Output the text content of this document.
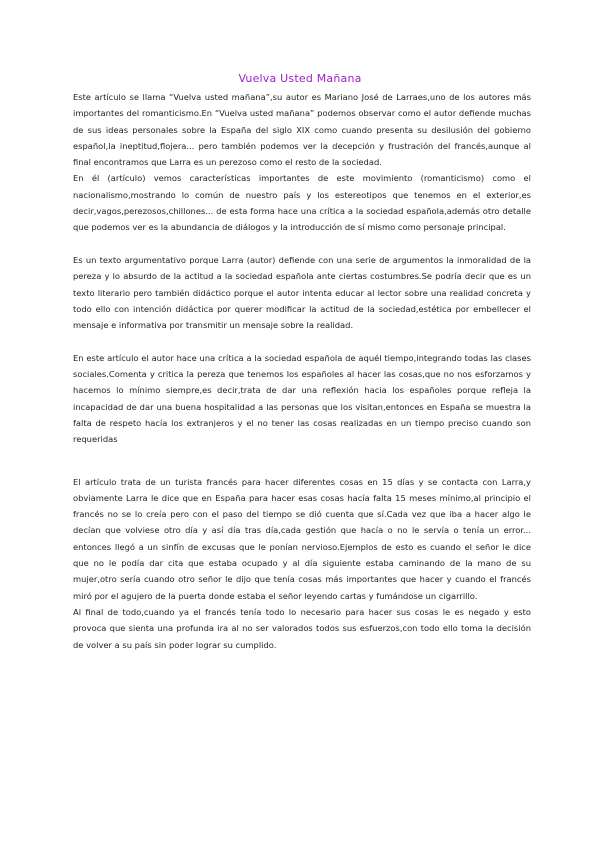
Vuelva Usted Mañana

Este artículo se llama “Vuelva usted mañana”,su autor es Mariano José de Larraes,uno de los autores más importantes del romanticismo.En “Vuelva usted mañana” podemos observar como el autor defiende muchas de sus ideas personales sobre la España del siglo XIX como cuando presenta su desilusión del gobierno español,la ineptitud,flojera... pero también podemos ver la decepción y frustración del francés,aunque al final encontramos que Larra es un perezoso como el resto de la sociedad.

En él (artículo) vemos características importantes de este movimiento (romanticismo) como el nacionalismo,mostrando lo común de nuestro país y los estereotipos que tenemos en el exterior,es decir,vagos,perezosos,chillones... de esta forma hace una crítica a la sociedad española,además otro detalle que podemos ver es la abundancia de diálogos y la introducción de sí mismo como personaje principal.

Es un texto argumentativo porque Larra (autor) defiende con una serie de argumentos la inmoralidad de la pereza y lo absurdo de la actitud a la sociedad española ante ciertas costumbres.Se podría decir que es un texto literario pero también didáctico porque el autor intenta educar al lector sobre una realidad concreta y todo ello con intención didáctica por querer modificar la actitud de la sociedad,estética por embellecer el mensaje e informativa por transmitir un mensaje sobre la realidad.

En este artículo el autor hace una crítica a la sociedad española de aquél tiempo,integrando todas las clases sociales.Comenta y critica la pereza que tenemos los españoles al hacer las cosas,que no nos esforzamos y hacemos lo mínimo siempre,es decir,trata de dar una reflexión hacia los españoles porque refleja la incapacidad de dar una buena hospitalidad a las personas que los visitan,entonces en España se muestra la falta de respeto hacía los extranjeros y el no tener las cosas realizadas en un tiempo preciso cuando son requeridas

El artículo trata de un turista francés para hacer diferentes cosas en 15 días y se contacta con Larra,y obviamente Larra le dice que en España para hacer esas cosas hacía falta 15 meses mínimo,al principio el francés no se lo creía pero con el paso del tiempo se dió cuenta que sí.Cada vez que iba a hacer algo le decían que volviese otro día y así día tras día,cada gestión que hacía o no le servía o tenía un error... entonces llegó a un sinfín de excusas que le ponían nervioso.Ejemplos de esto es cuando el señor le dice que no le podía dar cita que estaba ocupado y al día siguiente estaba caminando de la mano de su mujer,otro sería cuando otro señor le dijo que tenía cosas más importantes que hacer y cuando el francés miró por el agujero de la puerta donde estaba el señor leyendo cartas y fumándose un cigarrillo.

Al final de todo,cuando ya el francés tenía todo lo necesario para hacer sus cosas le es negado y esto provoca que sienta una profunda ira al no ser valorados todos sus esfuerzos,con todo ello toma la decisión de volver a su país sin poder lograr su cumplido.
